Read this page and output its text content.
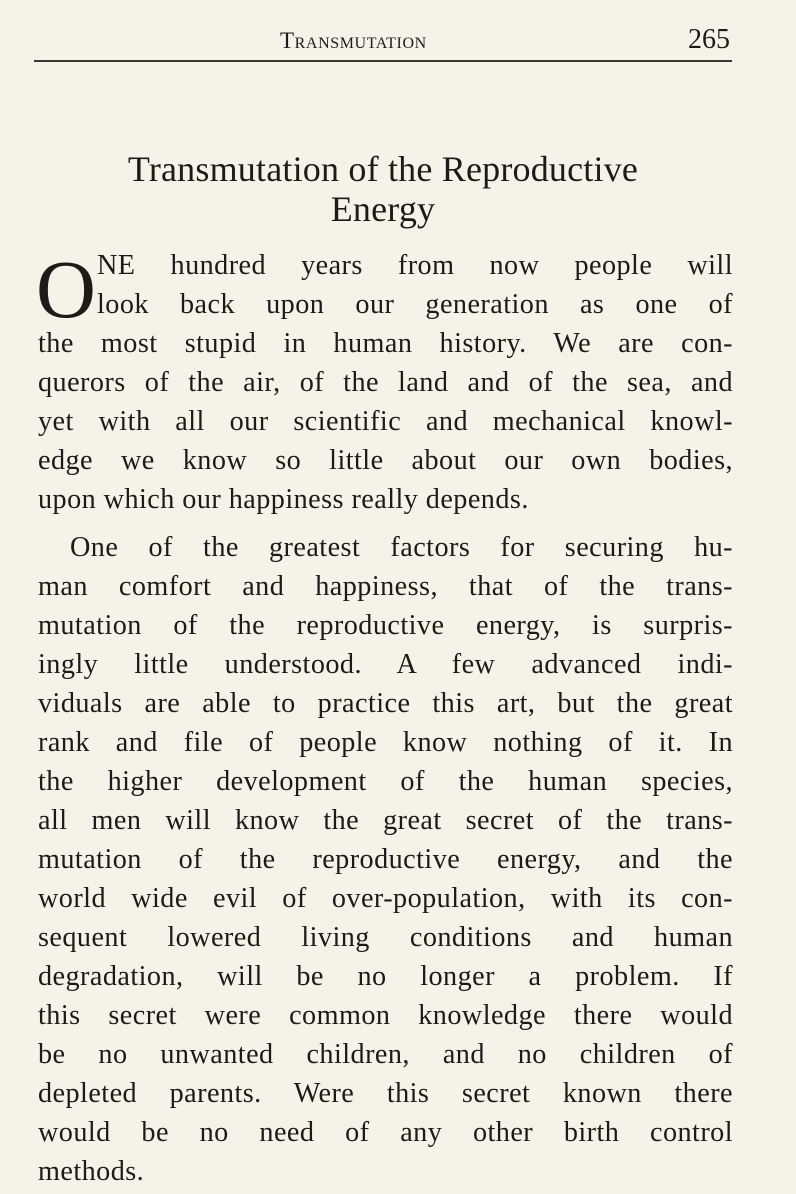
Transmutation	265
Transmutation of the Reproductive
Energy
O NE hundred years from now people will
look back upon our generation as one of
the most stupid in human history. We are con-
querors of the air, of the land and of the sea, and
yet with all our scientific and mechanical knowl-
edge we know so little about our own bodies,
upon which our happiness really depends.
One of the greatest factors for securing hu-
man comfort and happiness, that of the trans-
mutation of the reproductive energy, is surpris-
ingly little understood. A few advanced indi-
viduals are able to practice this art, but the great
rank and file of people know nothing of it. In
the higher development of the human species,
all men will know the great secret of the trans-
mutation of the reproductive energy, and the
world wide evil of over-population, with its con-
sequent lowered living conditions and human
degradation, will be no longer a problem. If
this secret were common knowledge there would
be no unwanted children, and no children of
depleted parents. Were this secret known there
would be no need of any other birth control
methods.
